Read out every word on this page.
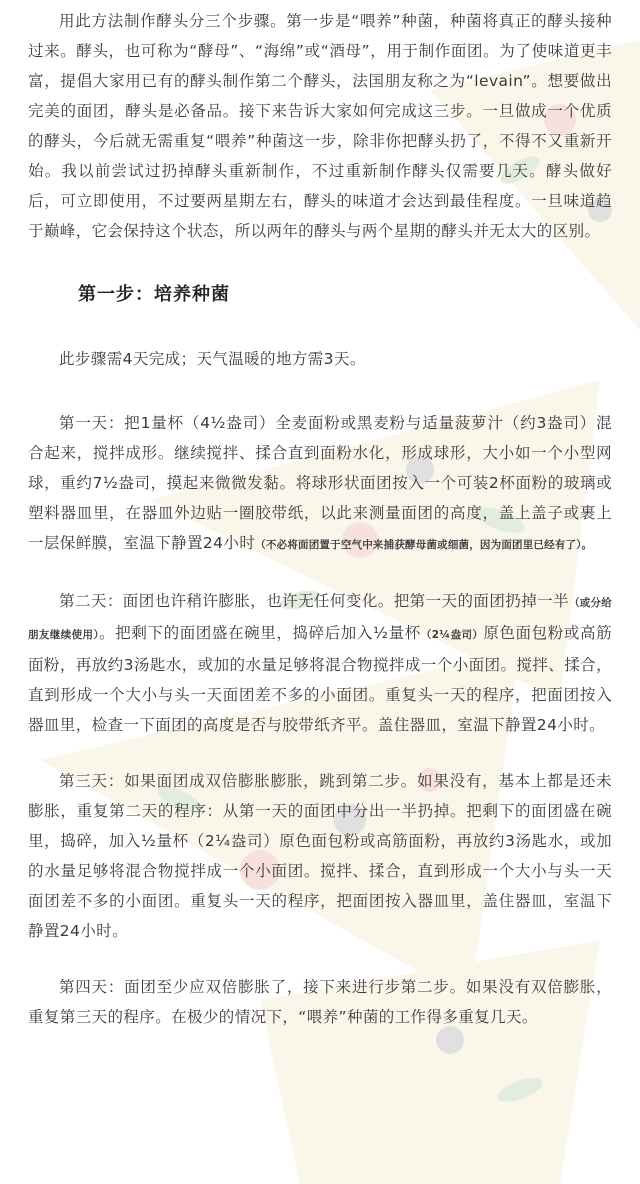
用此方法制作酵头分三个步骤。第一步是“喂养”种菌，种菌将真正的酵头接种过来。酵头，也可称为“酵母”、“海绵”或“酒母”，用于制作面团。为了使味道更丰富，提倡大家用已有的酵头制作第二个酵头，法国朋友称之为“levain”。想要做出完美的面团，酵头是必备品。接下来告诉大家如何完成这三步。一旦做成一个优质的酵头，今后就无需重复“喂养”种菌这一步，除非你把酵头扔了，不得不又重新开始。我以前尝试过扔掉酵头重新制作，不过重新制作酵头仅需要几天。酵头做好后，可立即使用，不过要两星期左右，酵头的味道才会达到最佳程度。一旦味道趋于巅峰，它会保持这个状态，所以两年的酵头与两个星期的酵头并无太大的区别。

第一步：培养种菌

此步骤需4天完成；天气温暖的地方需3天。

第一天：把1量杯（4½盎司）全麦面粉或黑麦粉与适量菠萝汁（约3盎司）混合起来，搅拌成形。继续搅拌、揉合直到面粉水化，形成球形，大小如一个小型网球，重约7½盎司，摸起来微微发黏。将球形状面团按入一个可装2杯面粉的玻璃或塑料器皿里，在器皿外边贴一圈胶带纸，以此来测量面团的高度，盖上盖子或裹上一层保鲜膜，室温下静置24小时（不必将面团置于空气中来捕获酵母菌或细菌，因为面团里已经有了）。

第二天：面团也许稍许膨胀，也许无任何变化。把第一天的面团扔掉一半（或分给朋友继续使用）。把剩下的面团盛在碗里，捣碎后加入½量杯（2¼盎司）原色面包粉或高筋面粉，再放约3汤匙水，或加的水量足够将混合物搅拌成一个小面团。搅拌、揉合，直到形成一个大小与头一天面团差不多的小面团。重复头一天的程序，把面团按入器皿里，检查一下面团的高度是否与胶带纸齐平。盖住器皿，室温下静置24小时。

第三天：如果面团成双倍膨胀膨胀，跳到第二步。如果没有，基本上都是还未膨胀，重复第二天的程序：从第一天的面团中分出一半扔掉。把剩下的面团盛在碗里，捣碎，加入½量杯（2¼盎司）原色面包粉或高筋面粉，再放约3汤匙水，或加的水量足够将混合物搅拌成一个小面团。搅拌、揉合，直到形成一个大小与头一天面团差不多的小面团。重复头一天的程序，把面团按入器皿里，盖住器皿，室温下静置24小时。

第四天：面团至少应双倍膨胀了，接下来进行步第二步。如果没有双倍膨胀，重复第三天的程序。在极少的情况下，“喂养”种菌的工作得多重复几天。
